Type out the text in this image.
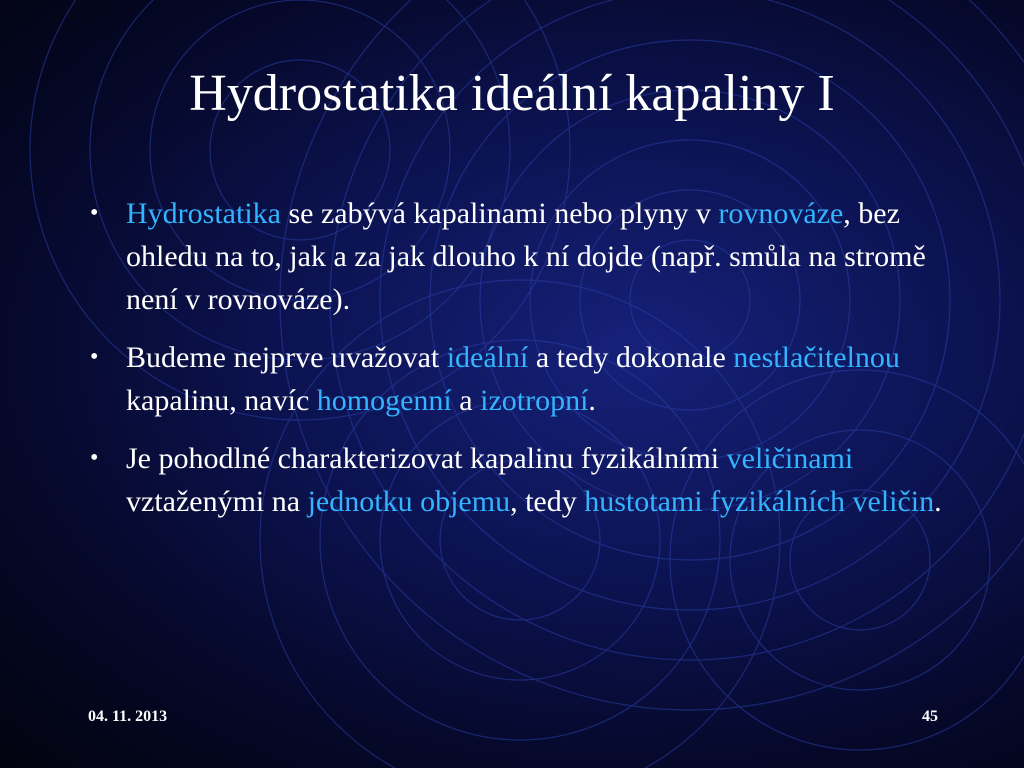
Hydrostatika ideální kapaliny I
• Hydrostatika se zabývá kapalinami nebo plyny v rovnováze, bez ohledu na to, jak a za jak dlouho k ní dojde (např. smůla na stromě není v rovnováze).
• Budeme nejprve uvažovat ideální a tedy dokonale nestlačitelnou kapalinu, navíc homogenní a izotropní.
• Je pohodlné charakterizovat kapalinu fyzikálními veličinami vztaženými na jednotku objemu, tedy hustotami fyzikálních veličin.
04. 11. 2013	45
